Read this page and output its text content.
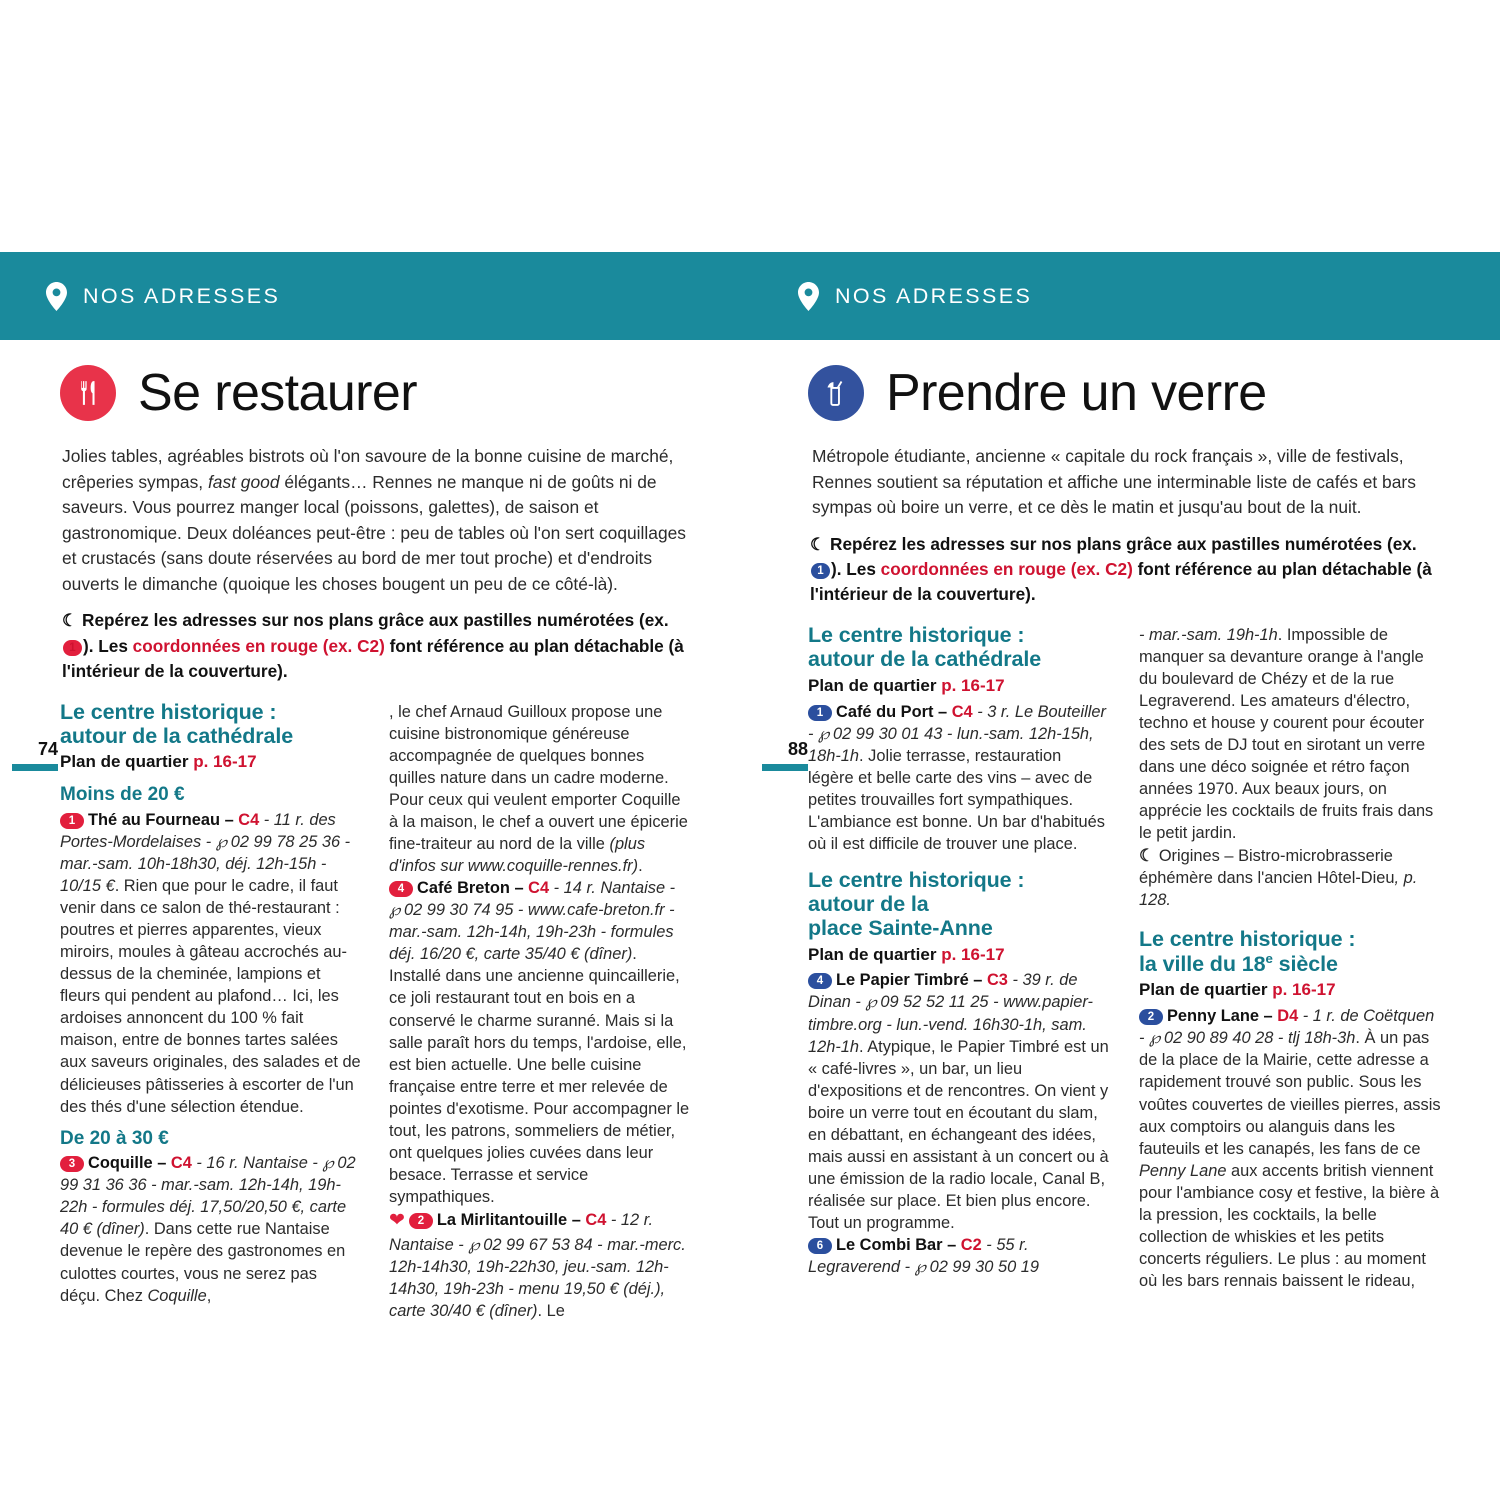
NOS ADRESSES	NOS ADRESSES
74	88
Se restaurer

Jolies tables, agréables bistrots où l'on savoure de la bonne cuisine de marché, crêperies sympas, fast good élégants… Rennes ne manque ni de goûts ni de saveurs. Vous pourrez manger local (poissons, galettes), de saison et gastronomique. Deux doléances peut-être : peu de tables où l'on sert coquillages et crustacés (sans doute réservées au bord de mer tout proche) et d'endroits ouverts le dimanche (quoique les choses bougent un peu de ce côté-là).

☾ Repérez les adresses sur nos plans grâce aux pastilles numérotées (ex. 1 ). Les coordonnées en rouge (ex. C2) font référence au plan détachable (à l'intérieur de la couverture).

Le centre historique :
autour de la cathédrale

Plan de quartier p. 16-17

Moins de 20 €

1 Thé au Fourneau – C4 - 11 r. des Portes-Mordelaises - ℘ 02 99 78 25 36 - mar.-sam. 10h-18h30, déj. 12h-15h - 10/15 €. Rien que pour le cadre, il faut venir dans ce salon de thé-restaurant : poutres et pierres apparentes, vieux miroirs, moules à gâteau accrochés au-dessus de la cheminée, lampions et fleurs qui pendent au plafond… Ici, les ardoises annoncent du 100 % fait maison, entre de bonnes tartes salées aux saveurs originales, des salades et de délicieuses pâtisseries à escorter de l'un des thés d'une sélection étendue.

De 20 à 30 €

3 Coquille – C4 - 16 r. Nantaise - ℘ 02 99 31 36 36 - mar.-sam. 12h-14h, 19h-22h - formules déj. 17,50/20,50 €, carte 40 € (dîner). Dans cette rue Nantaise devenue le repère des gastronomes en culottes courtes, vous ne serez pas déçu. Chez Coquille,

, le chef Arnaud Guilloux propose une cuisine bistronomique généreuse accompagnée de quelques bonnes quilles nature dans un cadre moderne. Pour ceux qui veulent emporter Coquille à la maison, le chef a ouvert une épicerie fine-traiteur au nord de la ville (plus d'infos sur www.coquille-rennes.fr).

4 Café Breton – C4 - 14 r. Nantaise - ℘ 02 99 30 74 95 - www.cafe-breton.fr - mar.-sam. 12h-14h, 19h-23h - formules déj. 16/20 €, carte 35/40 € (dîner). Installé dans une ancienne quincaillerie, ce joli restaurant tout en bois en a conservé le charme suranné. Mais si la salle paraît hors du temps, l'ardoise, elle, est bien actuelle. Une belle cuisine française entre terre et mer relevée de pointes d'exotisme. Pour accompagner le tout, les patrons, sommeliers de métier, ont quelques jolies cuvées dans leur besace. Terrasse et service sympathiques.

❤ 2 La Mirlitantouille – C4 - 12 r. Nantaise - ℘ 02 99 67 53 84 - mar.-merc. 12h-14h30, 19h-22h30, jeu.-sam. 12h-14h30, 19h-23h - menu 19,50 € (déj.), carte 30/40 € (dîner). Le

Prendre un verre

Métropole étudiante, ancienne « capitale du rock français », ville de festivals, Rennes soutient sa réputation et affiche une interminable liste de cafés et bars sympas où boire un verre, et ce dès le matin et jusqu'au bout de la nuit.

☾ Repérez les adresses sur nos plans grâce aux pastilles numérotées (ex. 1 ). Les coordonnées en rouge (ex. C2) font référence au plan détachable (à l'intérieur de la couverture).

Le centre historique :
autour de la cathédrale

Plan de quartier p. 16-17

1 Café du Port – C4 - 3 r. Le Bouteiller - ℘ 02 99 30 01 43 - lun.-sam. 12h-15h, 18h-1h. Jolie terrasse, restauration légère et belle carte des vins – avec de petites trouvailles fort sympathiques. L'ambiance est bonne. Un bar d'habitués où il est difficile de trouver une place.

Le centre historique :
autour de la
place Sainte-Anne

Plan de quartier p. 16-17

4 Le Papier Timbré – C3 - 39 r. de Dinan - ℘ 09 52 52 11 25 - www.papier-timbre.org - lun.-vend. 16h30-1h, sam. 12h-1h. Atypique, le Papier Timbré est un « café-livres », un bar, un lieu d'expositions et de rencontres. On vient y boire un verre tout en écoutant du slam, en débattant, en échangeant des idées, mais aussi en assistant à un concert ou à une émission de la radio locale, Canal B, réalisée sur place. Et bien plus encore. Tout un programme.

6 Le Combi Bar – C2 - 55 r. Legraverend - ℘ 02 99 30 50 19

- mar.-sam. 19h-1h. Impossible de manquer sa devanture orange à l'angle du boulevard de Chézy et de la rue Legraverend. Les amateurs d'électro, techno et house y courent pour écouter des sets de DJ tout en sirotant un verre dans une déco soignée et rétro façon années 1970. Aux beaux jours, on apprécie les cocktails de fruits frais dans le petit jardin.

☾ Origines – Bistro-microbrasserie éphémère dans l'ancien Hôtel-Dieu, p. 128.

Le centre historique :
la ville du 18e siècle

Plan de quartier p. 16-17

2 Penny Lane – D4 - 1 r. de Coëtquen - ℘ 02 90 89 40 28 - tlj 18h-3h. À un pas de la place de la Mairie, cette adresse a rapidement trouvé son public. Sous les voûtes couvertes de vieilles pierres, assis aux comptoirs ou alanguis dans les fauteuils et les canapés, les fans de ce Penny Lane aux accents british viennent pour l'ambiance cosy et festive, la bière à la pression, les cocktails, la belle collection de whiskies et les petits concerts réguliers. Le plus : au moment où les bars rennais baissent le rideau,
